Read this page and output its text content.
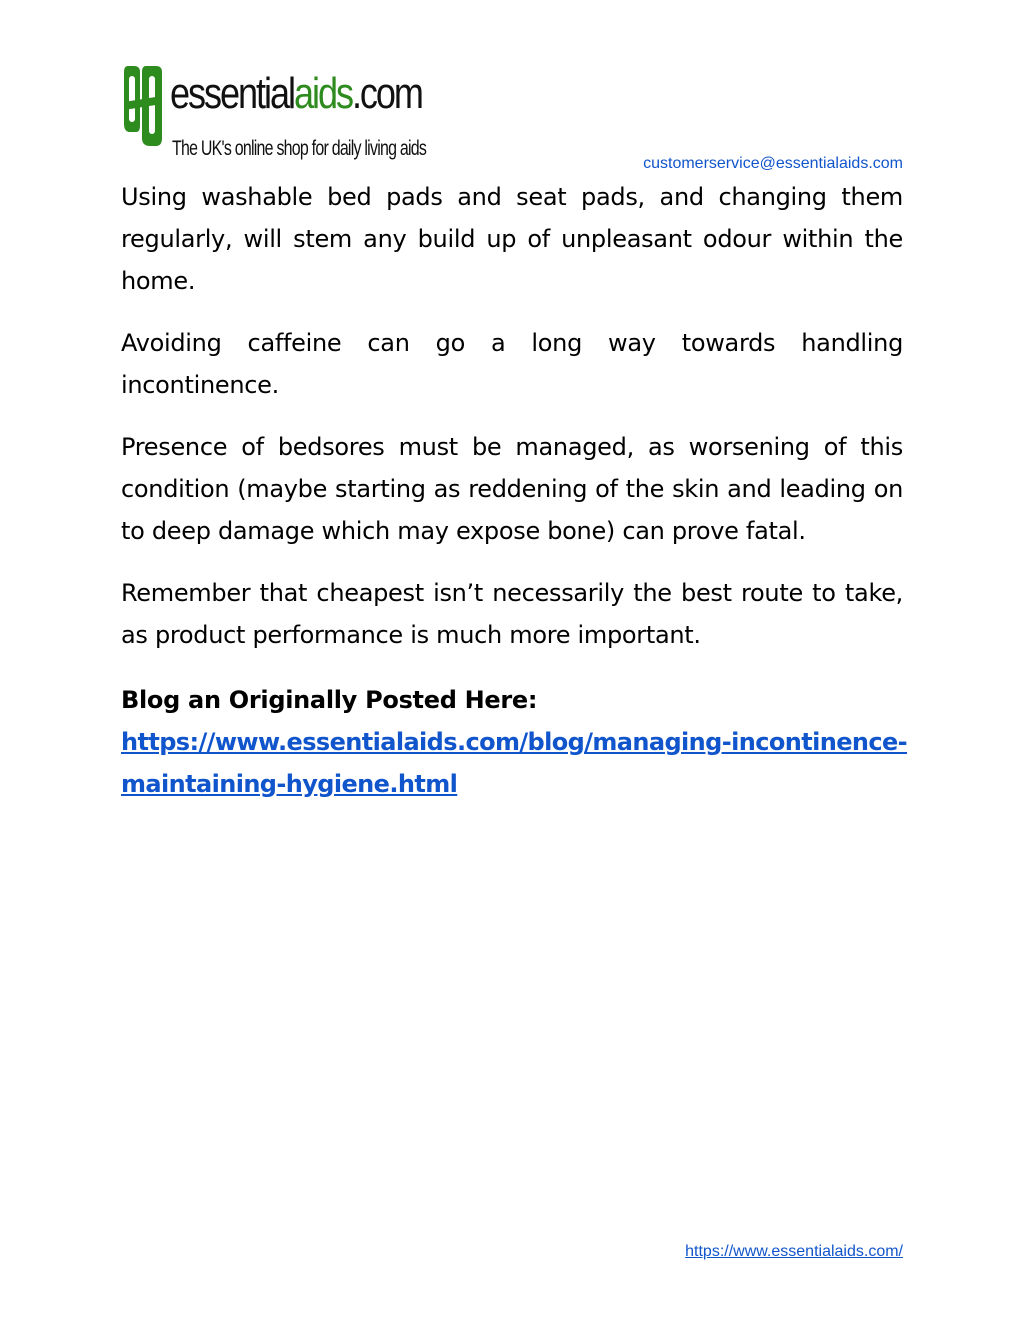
essentialaids.com
The UK's online shop for daily living aids
customerservice@essentialaids.com

Using washable bed pads and seat pads, and changing them regularly, will stem any build up of unpleasant odour within the home.

Avoiding caffeine can go a long way towards handling incontinence.

Presence of bedsores must be managed, as worsening of this condition (maybe starting as reddening of the skin and leading on to deep damage which may expose bone) can prove fatal.

Remember that cheapest isn’t necessarily the best route to take, as product performance is much more important.

Blog an Originally Posted Here:
https://www.essentialaids.com/blog/managing-incontinence-maintaining-hygiene.html
https://www.essentialaids.com/
